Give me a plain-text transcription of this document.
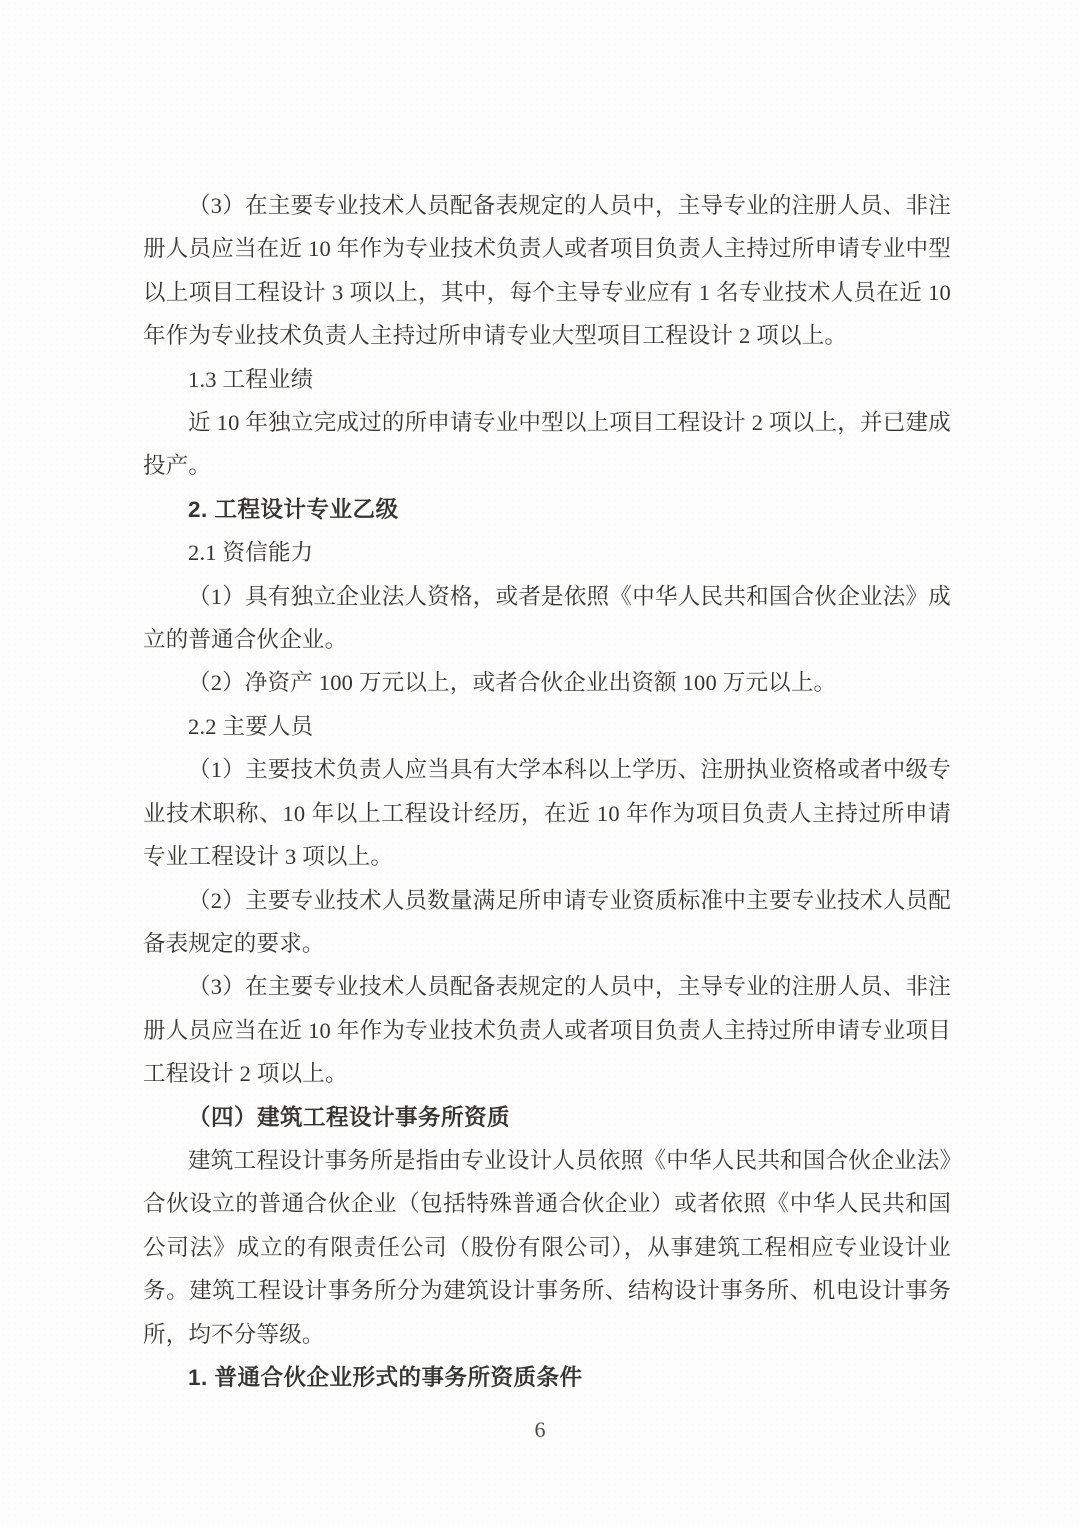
（3）在主要专业技术人员配备表规定的人员中，主导专业的注册人员、非注册人员应当在近 10 年作为专业技术负责人或者项目负责人主持过所申请专业中型以上项目工程设计 3 项以上，其中，每个主导专业应有 1 名专业技术人员在近 10 年作为专业技术负责人主持过所申请专业大型项目工程设计 2 项以上。

1.3 工程业绩

近 10 年独立完成过的所申请专业中型以上项目工程设计 2 项以上，并已建成投产。

2. 工程设计专业乙级

2.1 资信能力

（1）具有独立企业法人资格，或者是依照《中华人民共和国合伙企业法》成立的普通合伙企业。

（2）净资产 100 万元以上，或者合伙企业出资额 100 万元以上。

2.2 主要人员

（1）主要技术负责人应当具有大学本科以上学历、注册执业资格或者中级专业技术职称、10 年以上工程设计经历，在近 10 年作为项目负责人主持过所申请专业工程设计 3 项以上。

（2）主要专业技术人员数量满足所申请专业资质标准中主要专业技术人员配备表规定的要求。

（3）在主要专业技术人员配备表规定的人员中，主导专业的注册人员、非注册人员应当在近 10 年作为专业技术负责人或者项目负责人主持过所申请专业项目工程设计 2 项以上。

（四）建筑工程设计事务所资质

建筑工程设计事务所是指由专业设计人员依照《中华人民共和国合伙企业法》合伙设立的普通合伙企业（包括特殊普通合伙企业）或者依照《中华人民共和国公司法》成立的有限责任公司（股份有限公司），从事建筑工程相应专业设计业务。建筑工程设计事务所分为建筑设计事务所、结构设计事务所、机电设计事务所，均不分等级。

1. 普通合伙企业形式的事务所资质条件

6
